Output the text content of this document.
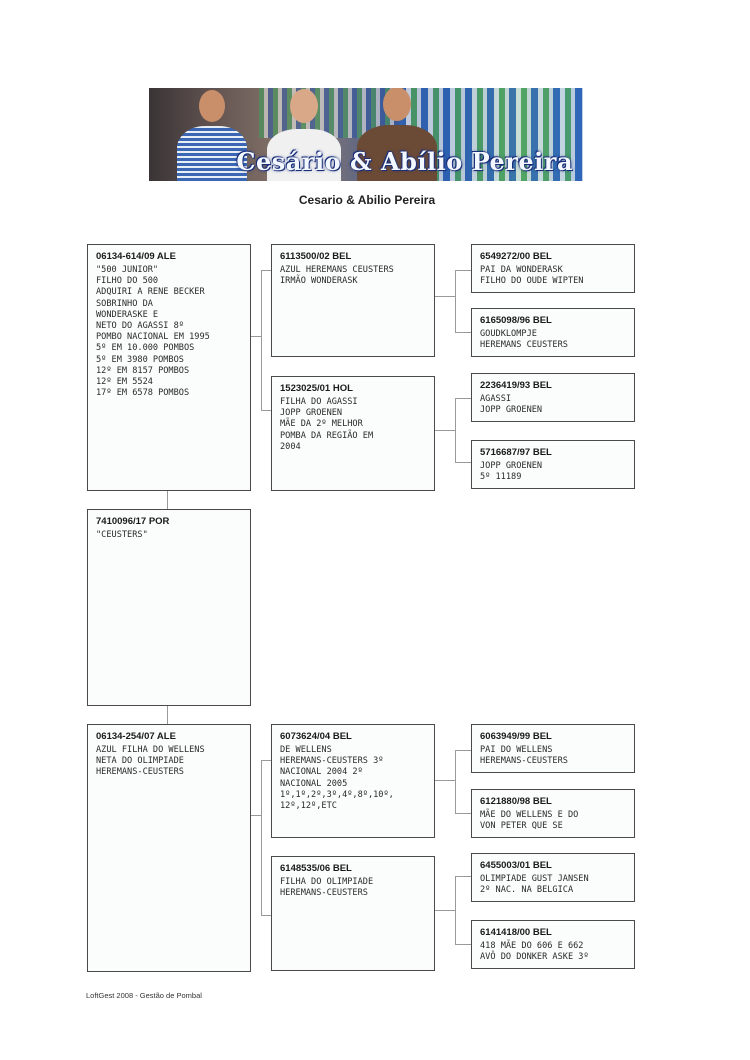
Cesário & Abílio Pereira
Cesario & Abilio Pereira
06134-614/09 ALE
"500 JUNIOR"
FILHO DO 500
ADQUIRI A RENE BECKER
SOBRINHO DA
WONDERASKE E
NETO DO AGASSI 8º
POMBO NACIONAL EM 1995
5º EM 10.000 POMBOS
5º EM 3980 POMBOS
12º EM 8157 POMBOS
12º EM 5524
17º EM 6578 POMBOS
7410096/17 POR
"CEUSTERS"
06134-254/07 ALE
AZUL FILHA DO WELLENS
NETA DO OLIMPIADE
HEREMANS-CEUSTERS
6113500/02 BEL
AZUL HEREMANS CEUSTERS
IRMÃO WONDERASK
1523025/01 HOL
FILHA DO AGASSI
JOPP GROENEN
MÃE DA 2º MELHOR
POMBA DA REGIÃO EM
2004
6073624/04 BEL
DE WELLENS
HEREMANS-CEUSTERS 3º
NACIONAL 2004 2º
NACIONAL 2005
1º,1º,2º,3º,4º,8º,10º,
12º,12º,ETC
6148535/06 BEL
FILHA DO OLIMPIADE
HEREMANS-CEUSTERS
6549272/00 BEL
PAI DA WONDERASK
FILHO DO OUDE WIPTEN
6165098/96 BEL
GOUDKLOMPJE
HEREMANS CEUSTERS
2236419/93 BEL
AGASSI
JOPP GROENEN
5716687/97 BEL
JOPP GROENEN
5º 11189
6063949/99 BEL
PAI DO WELLENS
HEREMANS-CEUSTERS
6121880/98 BEL
MÃE DO WELLENS E DO
VON PETER QUE SE
6455003/01 BEL
OLIMPIADE GUST JANSEN
2º NAC. NA BELGICA
6141418/00 BEL
418 MÃE DO 606 E 662
AVÔ DO DONKER ASKE 3º
LoftGest 2008 - Gestão de Pombal
